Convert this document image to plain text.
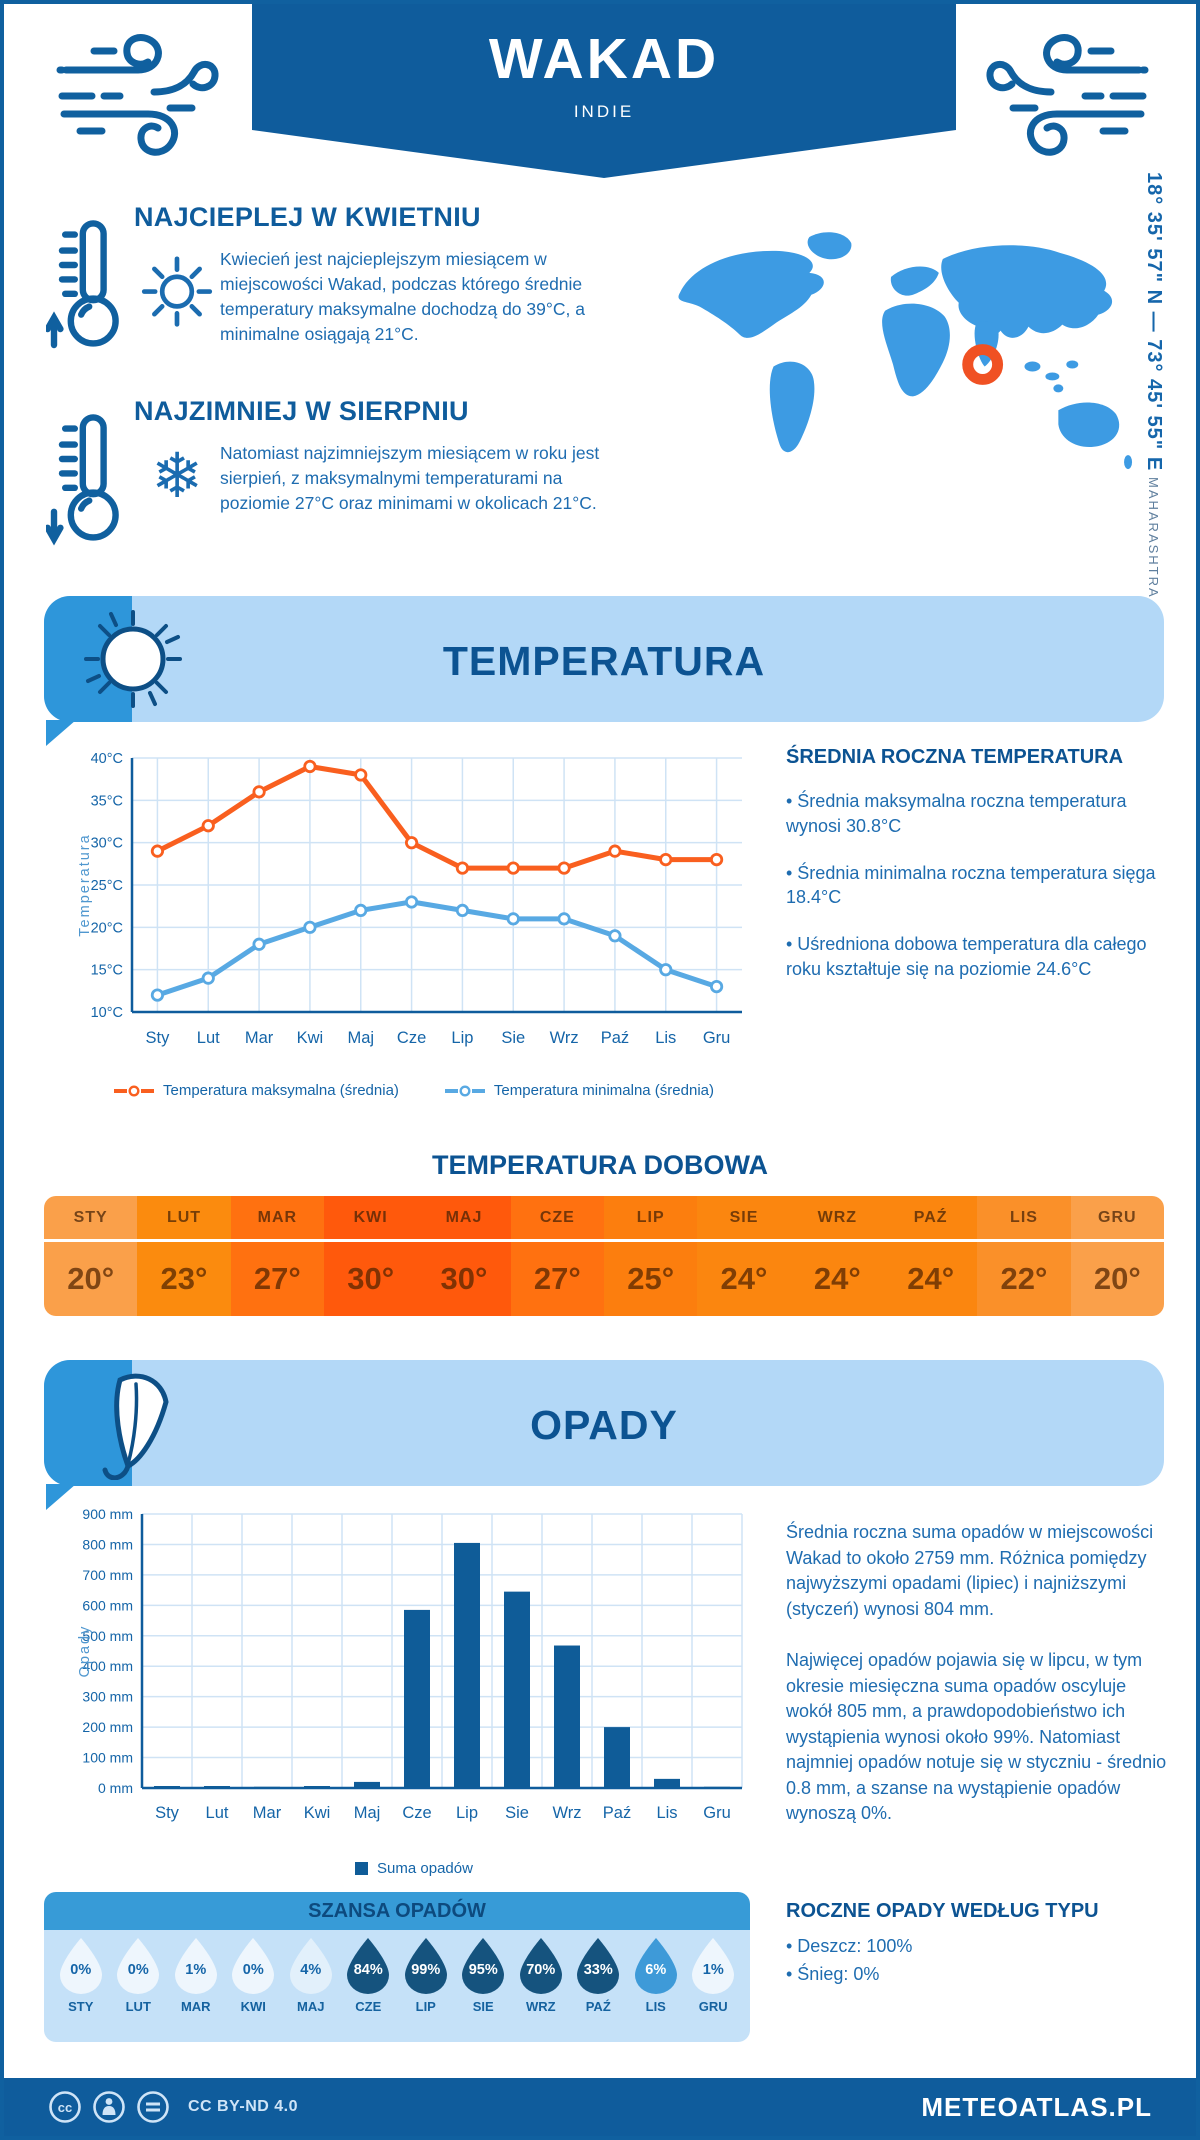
WAKAD
INDIE
NAJCIEPLEJ W KWIETNIU
Kwiecień jest najcieplejszym miesiącem w miejscowości Wakad, podczas którego średnie temperatury maksymalne dochodzą do 39°C, a minimalne osiągają 21°C.
NAJZIMNIEJ W SIERPNIU
❄ Natomiast najzimniejszym miesiącem w roku jest sierpień, z maksymalnymi temperaturami na poziomie 27°C oraz minimami w okolicach 21°C.
18° 35' 57" N — 73° 45' 55" E
MAHARASHTRA
TEMPERATURA
10°C
15°C
20°C
25°C
30°C
35°C
40°C
Sty Lut Mar Kwi Maj Cze Lip Sie Wrz Paź Lis Gru
Temperatura
Temperatura maksymalna (średnia)	Temperatura minimalna (średnia)
ŚREDNIA ROCZNA TEMPERATURA
• Średnia maksymalna roczna temperatura wynosi 30.8°C
• Średnia minimalna roczna temperatura sięga 18.4°C
• Uśredniona dobowa temperatura dla całego roku kształtuje się na poziomie 24.6°C
TEMPERATURA DOBOWA
STY	LUT	MAR	KWI	MAJ	CZE	LIP	SIE	WRZ	PAŹ	LIS	GRU
20°	23°	27°	30°	30°	27°	25°	24°	24°	24°	22°	20°
OPADY
0 mm
100 mm
200 mm
300 mm
400 mm
500 mm
600 mm
700 mm
800 mm
900 mm
Sty Lut Mar Kwi Maj Cze Lip Sie Wrz Paź Lis Gru
Opady
Suma opadów
Średnia roczna suma opadów w miejscowości Wakad to około 2759 mm. Różnica pomiędzy najwyższymi opadami (lipiec) i najniższymi (styczeń) wynosi 804 mm.
Najwięcej opadów pojawia się w lipcu, w tym okresie miesięczna suma opadów oscyluje wokół 805 mm, a prawdopodobieństwo ich wystąpienia wynosi około 99%. Natomiast najmniej opadów notuje się w styczniu - średnio 0.8 mm, a szanse na wystąpienie opadów wynoszą 0%.
ROCZNE OPADY WEDŁUG TYPU
• Deszcz: 100%
• Śnieg: 0%
SZANSA OPADÓW
0%
STY
0%
LUT
1%
MAR
0%
KWI
4%
MAJ
84%
CZE
99%
LIP
95%
SIE
70%
WRZ
33%
PAŹ
6%
LIS
1%
GRU
cc	CC BY-ND 4.0	METEOATLAS.PL
